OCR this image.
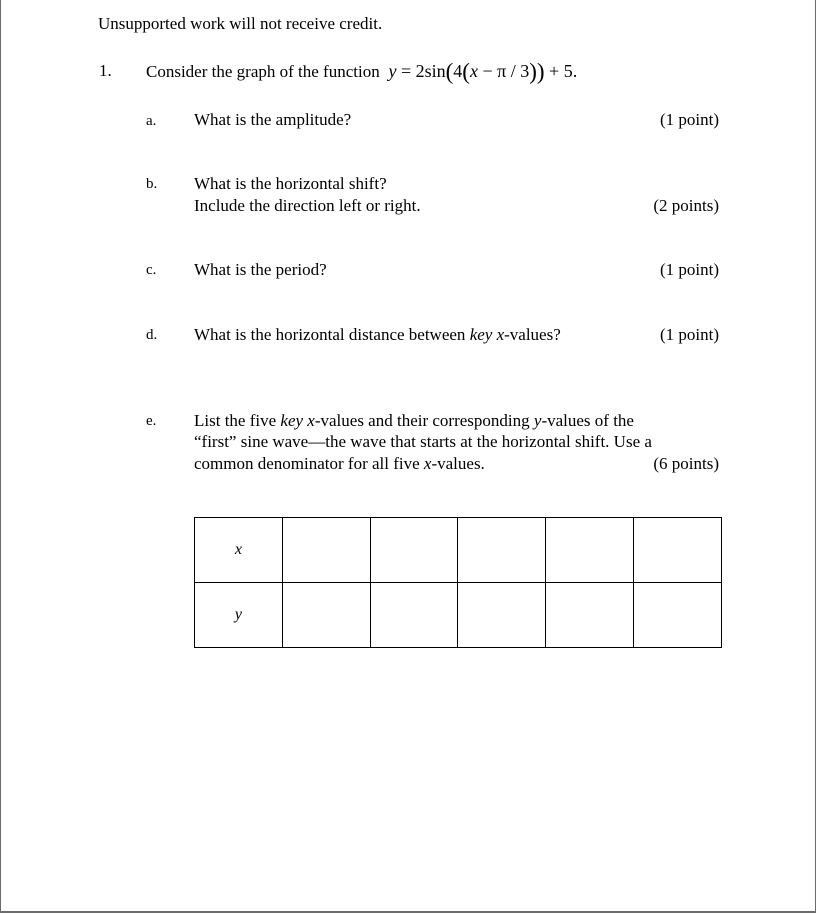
Unsupported work will not receive credit.
1. Consider the graph of the function y = 2sin(4(x − π / 3)) + 5.
a. What is the amplitude?	(1 point)
b. What is the horizontal shift?
Include the direction left or right.	(2 points)
c. What is the period?	(1 point)
d. What is the horizontal distance between key x-values?	(1 point)
e. List the five key x-values and their corresponding y-values of the
“first” sine wave—the wave that starts at the horizontal shift. Use a
common denominator for all five x-values.	(6 points)
x					
y					
